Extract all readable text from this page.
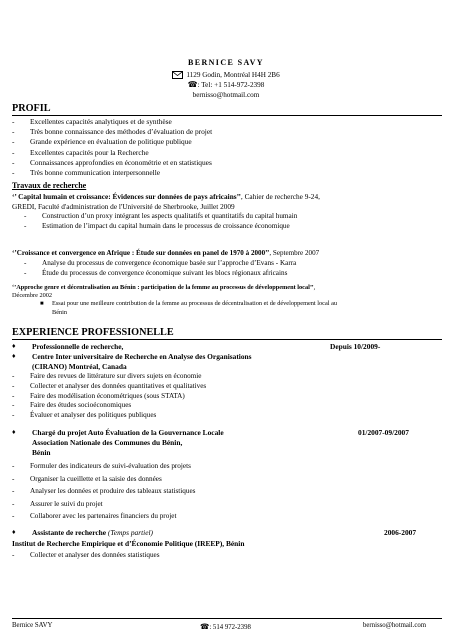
BERNICE SAVY
1129 Godin, Montréal H4H 2B6
☎: Tel: +1 514-972-2398
bernisso@hotmail.com
PROFIL
-	Excellentes capacités analytiques et de synthèse
-	Très bonne connaissance des méthodes d’évaluation de projet
-	Grande expérience en évaluation de politique publique
-	Excellentes capacités pour la Recherche
-	Connaissances approfondies en économétrie et en statistiques
-	Très bonne communication interpersonnelle
Travaux de recherche
‘’ Capital humain et croissance: Évidences sur données de pays africains’’, Cahier de recherche 9-24,
GREDI, Faculté d'administration de l'Université de Sherbrooke, Juillet 2009
-	Construction d’un proxy intégrant les aspects qualitatifs et quantitatifs du capital humain
-	Estimation de l’impact du capital humain dans le processus de croissance économique
‘’Croissance et convergence en Afrique : Étude sur données en panel de 1970 à 2000’’, Septembre 2007
-	Analyse du processus de convergence économique basée sur l’approche d’Evans - Karra
-	Étude du processus de convergence économique suivant les blocs régionaux africains
‘’Approche genre et décentralisation au Bénin : participation de la femme au processus de développement local’’,
Décembre 2002
■	Essai pour une meilleure contribution de la femme au processus de décentralisation et de développement local au
Bénin
EXPERIENCE PROFESSIONELLE
♦	Professionnelle de recherche,	Depuis 10/2009-
♦	Centre Inter universitaire de Recherche en Analyse des Organisations
(CIRANO) Montréal, Canada
-	Faire des revues de littérature sur divers sujets en économie
-	Collecter et analyser des données quantitatives et qualitatives
-	Faire des modélisation économétriques (sous STATA)
-	Faire des études socioéconomiques
-	Évaluer et analyser des politiques publiques
♦	Chargé du projet Auto Évaluation de la Gouvernance Locale	01/2007-09/2007
Association Nationale des Communes du Bénin,
Bénin
-	Formuler des indicateurs de suivi-évaluation des projets
-	Organiser la cueillette et la saisie des données
-	Analyser les données et produire des tableaux statistiques
-	Assurer le suivi du projet
-	Collaborer avec les partenaires financiers du projet
♦	Assistante de recherche (Temps partiel)	2006-2007
Institut de Recherche Empirique et d’Économie Politique (IREEP), Bénin
-	Collecter et analyser des données statistiques
Bernice SAVY	☎: 514 972-2398	bernisso@hotmail.com
